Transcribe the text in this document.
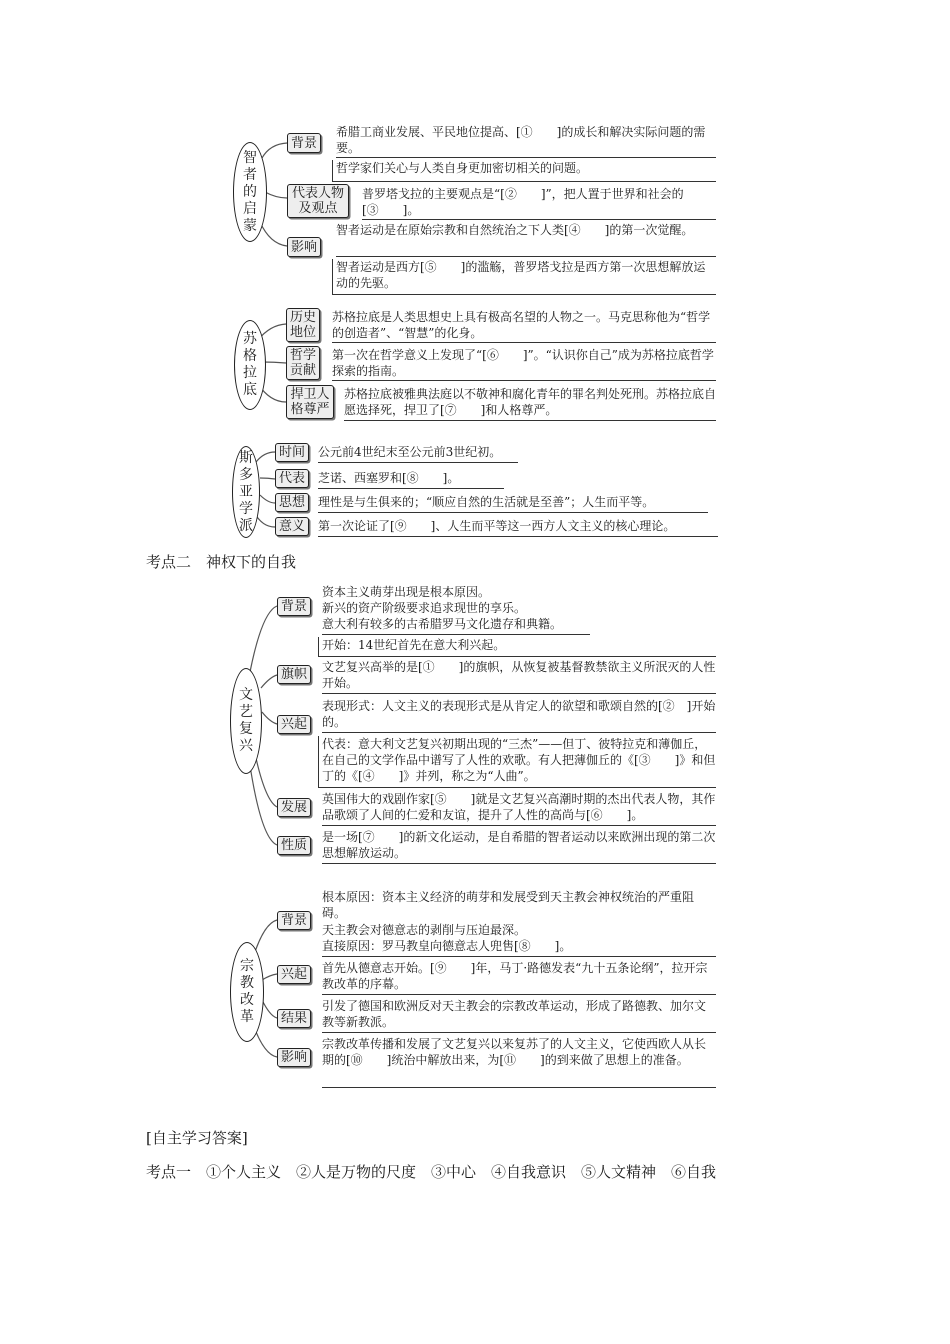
智者的启蒙
背景
希腊工商业发展、平民地位提高、[①　　]的成长和解决实际问题的需要。
哲学家们关心与人类自身更加密切相关的问题。
代表人物及观点
普罗塔戈拉的主要观点是“[②　　]”，把人置于世界和社会的[③　　]。
影响
智者运动是在原始宗教和自然统治之下人类[④　　]的第一次觉醒。
智者运动是西方[⑤　　]的滥觞，普罗塔戈拉是西方第一次思想解放运动的先驱。
苏格拉底
历史地位
苏格拉底是人类思想史上具有极高名望的人物之一。马克思称他为“哲学的创造者”、“智慧”的化身。
哲学贡献
第一次在哲学意义上发现了“[⑥　　]”。“认识你自己”成为苏格拉底哲学探索的指南。
捍卫人格尊严
苏格拉底被雅典法庭以不敬神和腐化青年的罪名判处死刑。苏格拉底自愿选择死，捍卫了[⑦　　]和人格尊严。
斯多亚学派
时间	公元前4世纪末至公元前3世纪初。
代表	芝诺、西塞罗和[⑧　　]。
思想	理性是与生俱来的；“顺应自然的生活就是至善”；人生而平等。
意义	第一次论证了[⑨　　]、人生而平等这一西方人文主义的核心理论。
考点二　神权下的自我
文艺复兴
背景
资本主义萌芽出现是根本原因。
新兴的资产阶级要求追求现世的享乐。
意大利有较多的古希腊罗马文化遗存和典籍。
开始：14世纪首先在意大利兴起。
旗帜	文艺复兴高举的是[①　　]的旗帜，从恢复被基督教禁欲主义所泯灭的人性开始。
兴起
表现形式：人文主义的表现形式是从肯定人的欲望和歌颂自然的[②　]开始的。
代表：意大利文艺复兴初期出现的“三杰”——但丁、彼特拉克和薄伽丘，在自己的文学作品中谱写了人性的欢歌。有人把薄伽丘的《[③　　]》和但丁的《[④　　]》并列，称之为“人曲”。
发展
英国伟大的戏剧作家[⑤　　]就是文艺复兴高潮时期的杰出代表人物，其作品歌颂了人间的仁爱和友谊，提升了人性的高尚与[⑥　　]。
性质
是一场[⑦　　]的新文化运动，是自希腊的智者运动以来欧洲出现的第二次思想解放运动。
宗教改革
背景
根本原因：资本主义经济的萌芽和发展受到天主教会神权统治的严重阻碍。
天主教会对德意志的剥削与压迫最深。
直接原因：罗马教皇向德意志人兜售[⑧　　]。
兴起	首先从德意志开始。[⑨　　]年，马丁·路德发表“九十五条论纲”，拉开宗教改革的序幕。
结果
引发了德国和欧洲反对天主教会的宗教改革运动，形成了路德教、加尔文教等新教派。
影响
宗教改革传播和发展了文艺复兴以来复苏了的人文主义，它使西欧人从长期的[⑩　　]统治中解放出来，为[⑪　　]的到来做了思想上的准备。
[自主学习答案]
考点一　①个人主义　②人是万物的尺度　③中心　④自我意识　⑤人文精神　⑥自我
